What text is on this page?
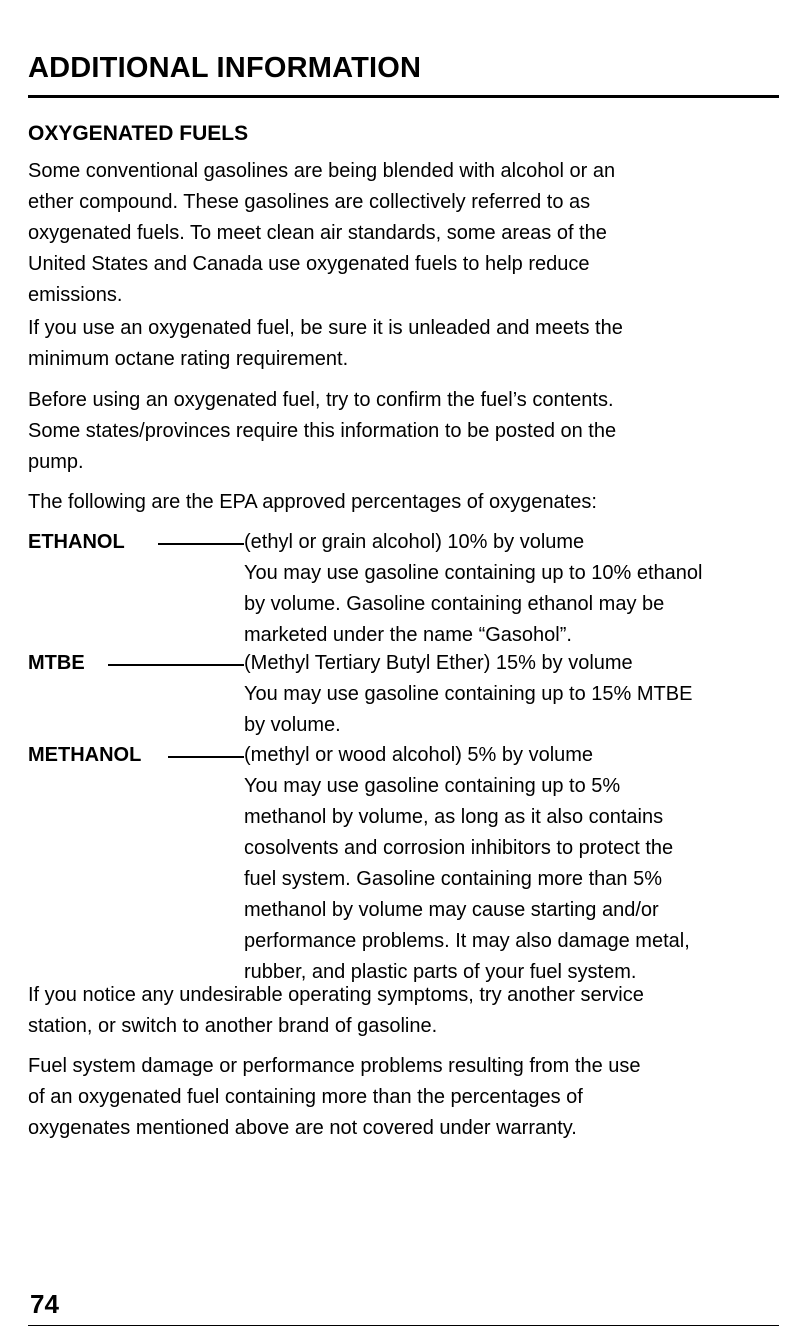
ADDITIONAL INFORMATION
OXYGENATED FUELS
Some conventional gasolines are being blended with alcohol or an
ether compound. These gasolines are collectively referred to as
oxygenated fuels. To meet clean air standards, some areas of the
United States and Canada use oxygenated fuels to help reduce
emissions.
If you use an oxygenated fuel, be sure it is unleaded and meets the
minimum octane rating requirement.
Before using an oxygenated fuel, try to confirm the fuel’s contents.
Some states/provinces require this information to be posted on the
pump.
The following are the EPA approved percentages of oxygenates:
ETHANOL	(ethyl or grain alcohol) 10% by volume
You may use gasoline containing up to 10% ethanol
by volume. Gasoline containing ethanol may be
marketed under the name “Gasohol”.
MTBE	(Methyl Tertiary Butyl Ether) 15% by volume
You may use gasoline containing up to 15% MTBE
by volume.
METHANOL	(methyl or wood alcohol) 5% by volume
You may use gasoline containing up to 5%
methanol by volume, as long as it also contains
cosolvents and corrosion inhibitors to protect the
fuel system. Gasoline containing more than 5%
methanol by volume may cause starting and/or
performance problems. It may also damage metal,
rubber, and plastic parts of your fuel system.
If you notice any undesirable operating symptoms, try another service
station, or switch to another brand of gasoline.
Fuel system damage or performance problems resulting from the use
of an oxygenated fuel containing more than the percentages of
oxygenates mentioned above are not covered under warranty.
74
